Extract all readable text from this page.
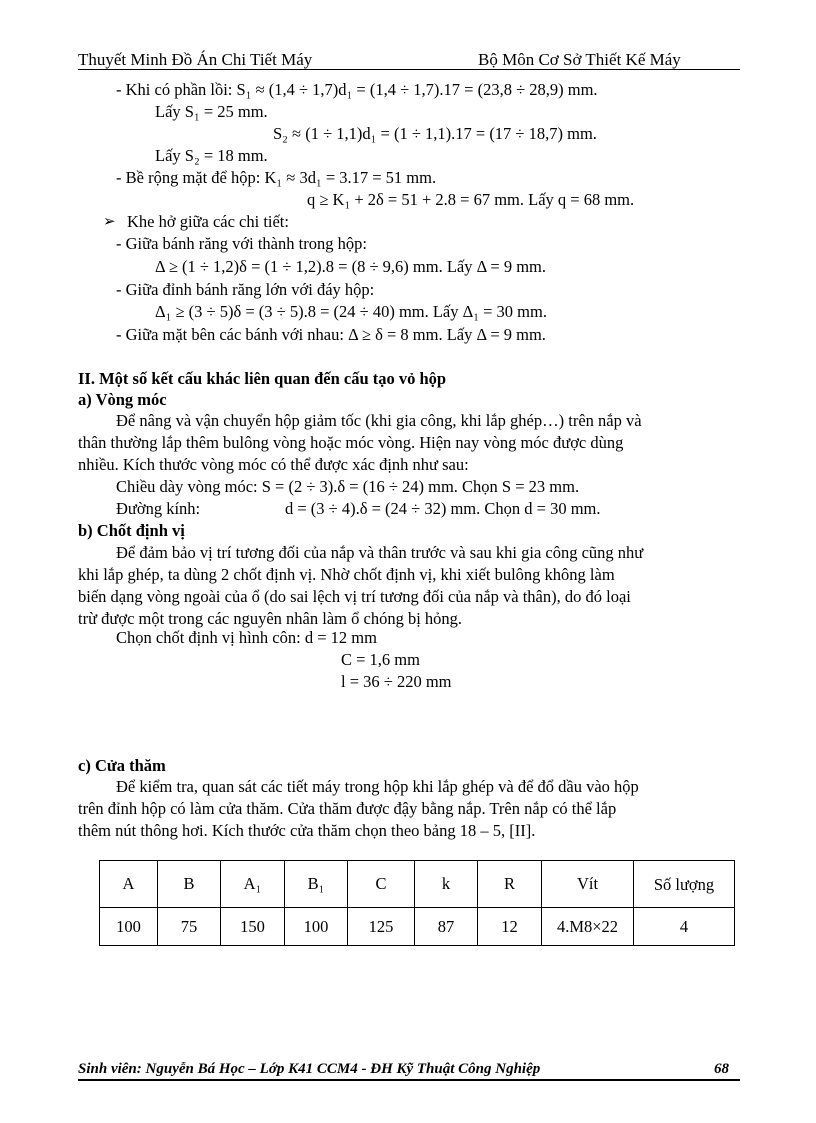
Thuyết Minh Đồ Án Chi Tiết Máy	Bộ Môn Cơ Sở Thiết Kế Máy
- Khi có phần lồi: S₁ ≈ (1,4 ÷ 1,7)d₁ = (1,4 ÷ 1,7).17 = (23,8 ÷ 28,9) mm.
Lấy S₁ = 25 mm.
S₂ ≈ (1 ÷ 1,1)d₁ = (1 ÷ 1,1).17 = (17 ÷ 18,7) mm.
Lấy S₂ = 18 mm.
- Bề rộng mặt để hộp: K₁ ≈ 3d₁ = 3.17 = 51 mm.
q ≥ K₁ + 2δ = 51 + 2.8 = 67 mm. Lấy q = 68 mm.
➢ Khe hở giữa các chi tiết:
- Giữa bánh răng với thành trong hộp:
Δ ≥ (1 ÷ 1,2)δ = (1 ÷ 1,2).8 = (8 ÷ 9,6) mm. Lấy Δ = 9 mm.
- Giữa đỉnh bánh răng lớn với đáy hộp:
Δ₁ ≥ (3 ÷ 5)δ = (3 ÷ 5).8 = (24 ÷ 40) mm. Lấy Δ₁ = 30 mm.
- Giữa mặt bên các bánh với nhau: Δ ≥ δ = 8 mm. Lấy Δ = 9 mm.
II. Một số kết cấu khác liên quan đến cấu tạo vỏ hộp
a) Vòng móc
Để nâng và vận chuyển hộp giảm tốc (khi gia công, khi lắp ghép…) trên nắp và
thân thường lắp thêm bulông vòng hoặc móc vòng. Hiện nay vòng móc được dùng
nhiều. Kích thước vòng móc có thể được xác định như sau:
Chiều dày vòng móc: S = (2 ÷ 3).δ = (16 ÷ 24) mm. Chọn S = 23 mm.
Đường kính:	d = (3 ÷ 4).δ = (24 ÷ 32) mm. Chọn d = 30 mm.
b) Chốt định vị
Để đảm bảo vị trí tương đối của nắp và thân trước và sau khi gia công cũng như
khi lắp ghép, ta dùng 2 chốt định vị. Nhờ chốt định vị, khi xiết bulông không làm
biến dạng vòng ngoài của ổ (do sai lệch vị trí tương đối của nắp và thân), do đó loại
trừ được một trong các nguyên nhân làm ổ chóng bị hỏng.
Chọn chốt định vị hình côn: d = 12 mm
C = 1,6 mm
l = 36 ÷ 220 mm
c) Cửa thăm
Để kiểm tra, quan sát các tiết máy trong hộp khi lắp ghép và để đổ dầu vào hộp
trên đỉnh hộp có làm cửa thăm. Cửa thăm được đậy bằng nắp. Trên nắp có thể lắp
thêm nút thông hơi. Kích thước cửa thăm chọn theo bảng 18 – 5, [II].
A	B	A₁	B₁	C	k	R	Vít	Số lượng
100	75	150	100	125	87	12	4.M8×22	4
Sinh viên: Nguyễn Bá Học – Lớp K41 CCM4 - ĐH Kỹ Thuật Công Nghiệp	68
